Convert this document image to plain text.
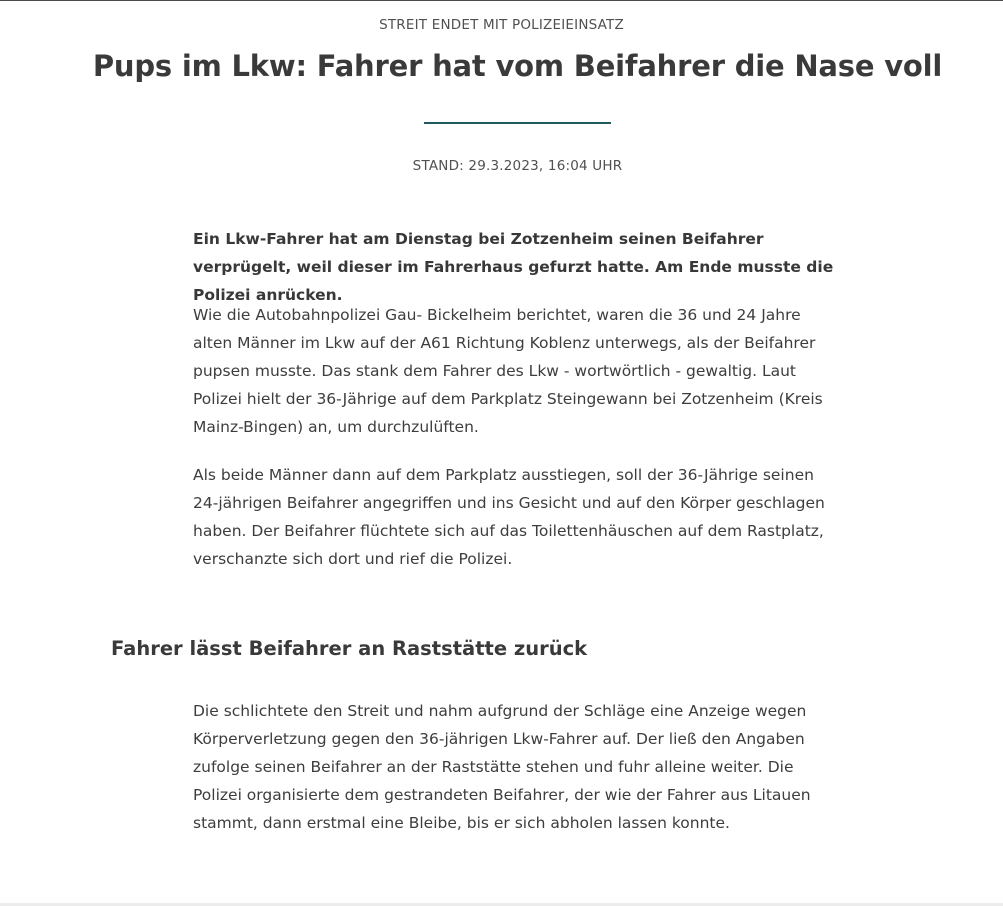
STREIT ENDET MIT POLIZEIEINSATZ
Pups im Lkw: Fahrer hat vom Beifahrer die Nase voll
STAND: 29.3.2023, 16:04 UHR

Ein Lkw-Fahrer hat am Dienstag bei Zotzenheim seinen Beifahrer verprügelt, weil dieser im Fahrerhaus gefurzt hatte. Am Ende musste die Polizei anrücken.

Wie die Autobahnpolizei Gau- Bickelheim berichtet, waren die 36 und 24 Jahre alten Männer im Lkw auf der A61 Richtung Koblenz unterwegs, als der Beifahrer pupsen musste. Das stank dem Fahrer des Lkw - wortwörtlich - gewaltig. Laut Polizei hielt der 36-Jährige auf dem Parkplatz Steingewann bei Zotzenheim (Kreis Mainz-Bingen) an, um durchzulüften.

Als beide Männer dann auf dem Parkplatz ausstiegen, soll der 36-Jährige seinen 24-jährigen Beifahrer angegriffen und ins Gesicht und auf den Körper geschlagen haben. Der Beifahrer flüchtete sich auf das Toilettenhäuschen auf dem Rastplatz, verschanzte sich dort und rief die Polizei.

Fahrer lässt Beifahrer an Raststätte zurück

Die schlichtete den Streit und nahm aufgrund der Schläge eine Anzeige wegen Körperverletzung gegen den 36-jährigen Lkw-Fahrer auf. Der ließ den Angaben zufolge seinen Beifahrer an der Raststätte stehen und fuhr alleine weiter. Die Polizei organisierte dem gestrandeten Beifahrer, der wie der Fahrer aus Litauen stammt, dann erstmal eine Bleibe, bis er sich abholen lassen konnte.
